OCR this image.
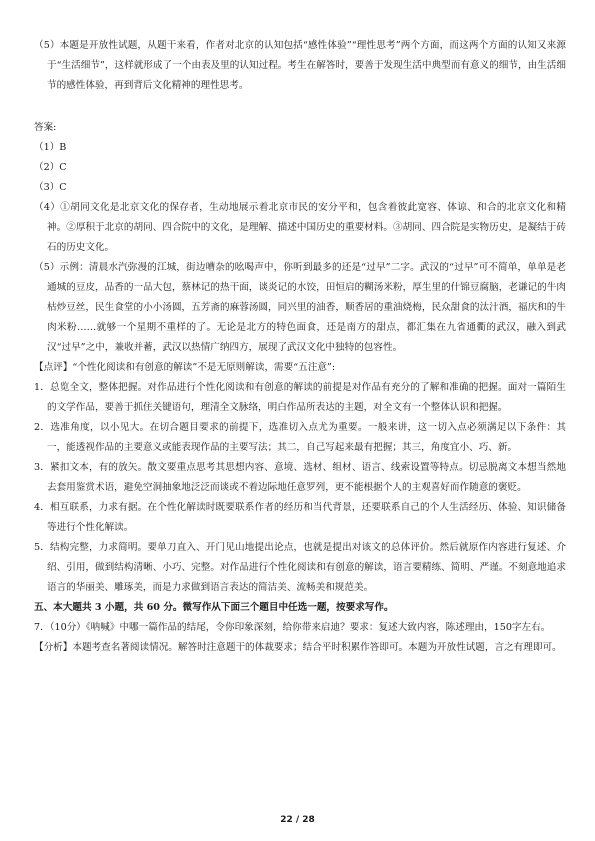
（5）本题是开放性试题，从题干来看，作者对北京的认知包括“感性体验”“理性思考”两个方面，而这两个方面的认知又来源于“生活细节”，这样就形成了一个由表及里的认知过程。考生在解答时，要善于发现生活中典型而有意义的细节，由生活细节的感性体验，再到背后文化精神的理性思考。

答案:

（1）B

（2）C

（3）C

（4）①胡同文化是北京文化的保存者，生动地展示着北京市民的安分平和，包含着彼此宽容、体谅、和合的北京文化和精神。②厚积于北京的胡同、四合院中的文化，是理解、描述中国历史的重要材料。③胡同、四合院是实物历史，是凝结于砖石的历史文化。

（5）示例：清晨水汽弥漫的江城，街边嘈杂的吆喝声中，你听到最多的还是“过早”二字。武汉的“过早”可不简单，单单是老通城的豆皮，品香的一品大包，蔡林记的热干面，谈炎记的水饺，田恒启的糊汤米粉，厚生里的什锦豆腐脑，老谦记的牛肉枯炒豆丝，民生食堂的小小汤圆，五芳斋的麻蓉汤圆，同兴里的油香，顺香居的重油烧梅，民众甜食的汰汁酒，福庆和的牛肉米粉……就够一个星期不重样的了。无论是北方的特色面食，还是南方的甜点，都汇集在九省通衢的武汉，融入到武汉“过早”之中，兼收并蓄，武汉以热情广纳四方，展现了武汉文化中独特的包容性。

【点评】“个性化阅读和有创意的解读”不是无原则解读，需要“五注意”:

1．总览全文，整体把握。对作品进行个性化阅读和有创意的解读的前提是对作品有充分的了解和准确的把握。面对一篇陌生的文学作品，要善于抓住关键语句，理清全文脉络，明白作品所表达的主题，对全文有一个整体认识和把握。

2．选准角度，以小见大。在切合题目要求的前提下，选准切入点尤为重要。一般来讲，这一切入点必须满足以下条件：其一，能透视作品的主要意义或能表现作品的主要写法；其二，自己写起来最有把握；其三，角度宜小、巧、新。

3．紧扣文本，有的放矢。散文要重点思考其思想内容、意境、选材、组材、语言、线索设置等特点。切忌脱离文本想当然地去套用鉴赏术语，避免空洞抽象地泛泛而谈或不着边际地任意罗列，更不能根据个人的主观喜好而作随意的褒贬。

4．相互联系，力求有据。在个性化解读时既要联系作者的经历和当代背景，还要联系自己的个人生活经历、体验、知识储备等进行个性化解读。

5．结构完整，力求简明。要单刀直入、开门见山地提出论点，也就是提出对该文的总体评价。然后就原作内容进行复述、介绍、引用，做到结构清晰、小巧、完整。对作品进行个性化阅读和有创意的解读，语言要精练、简明、严谨。不刻意地追求语言的华丽美、雕琢美，而是力求做到语言表达的简洁美、流畅美和规范美。

五、本大题共 3 小题，共 60 分。微写作从下面三个题目中任选一题，按要求写作。

7．（10分）《呐喊》中哪一篇作品的结尾，令你印象深刻，给你带来启迪？要求：复述大致内容，陈述理由，150字左右。

【分析】本题考查名著阅读情况。解答时注意题干的体裁要求；结合平时积累作答即可。本题为开放性试题，言之有理即可。

22 / 28
